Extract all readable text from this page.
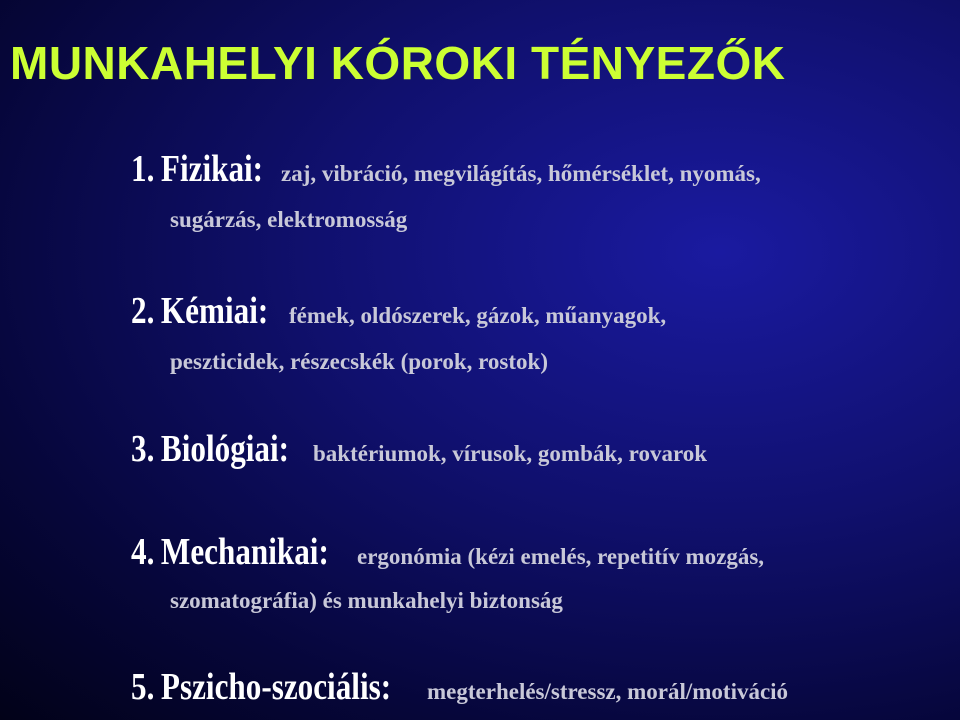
MUNKAHELYI KÓROKI TÉNYEZŐK
1. Fizikai: zaj, vibráció, megvilágítás, hőmérséklet, nyomás,
sugárzás, elektromosság
2. Kémiai: fémek, oldószerek, gázok, műanyagok,
peszticidek, részecskék (porok, rostok)
3. Biológiai: baktériumok, vírusok, gombák, rovarok
4. Mechanikai: ergonómia (kézi emelés, repetitív mozgás,
szomatográfia) és munkahelyi biztonság
5. Pszicho-szociális: megterhelés/stressz, morál/motiváció
